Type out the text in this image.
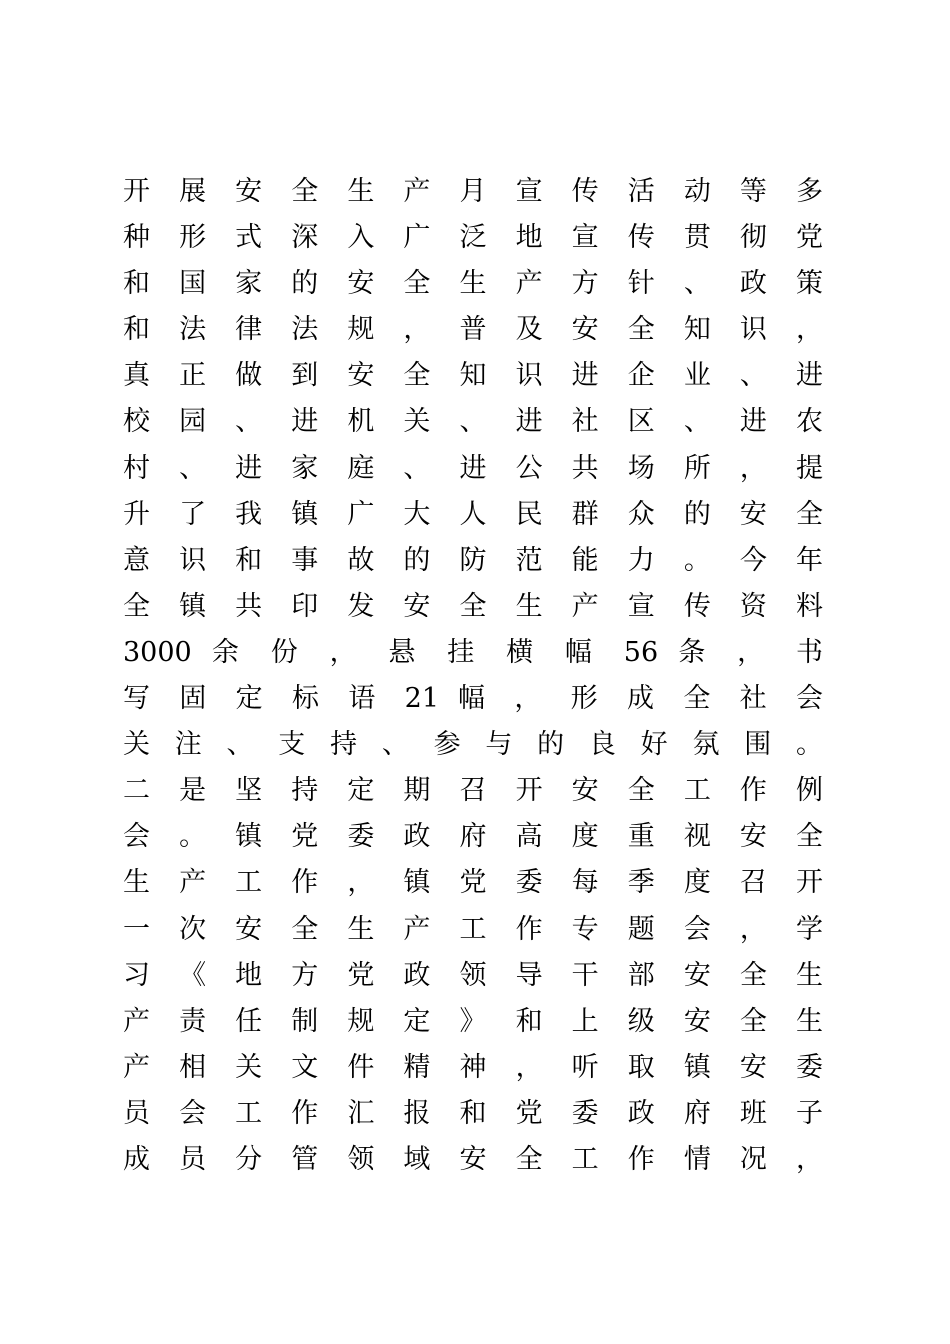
开 展 安 全 生 产 月 宣 传 活 动 等 多
种 形 式 深 入 广 泛 地 宣 传 贯 彻 党
和 国 家 的 安 全 生 产 方 针 、 政 策
和 法 律 法 规 ， 普 及 安 全 知 识 ，
真 正 做 到 安 全 知 识 进 企 业 、 进
校 园 、 进 机 关 、 进 社 区 、 进 农
村 、 进 家 庭 、 进 公 共 场 所 ， 提
升 了 我 镇 广 大 人 民 群 众 的 安 全
意 识 和 事 故 的 防 范 能 力 。 今 年
全 镇 共 印 发 安 全 生 产 宣 传 资 料
3000 余 份 ， 悬 挂 横 幅 56 条 ， 书
写 固 定 标 语 21 幅 ， 形 成 全 社 会
关 注 、 支 持 、 参 与 的 良 好 氛 围 。
二 是 坚 持 定 期 召 开 安 全 工 作 例
会 。 镇 党 委 政 府 高 度 重 视 安 全
生 产 工 作 ， 镇 党 委 每 季 度 召 开
一 次 安 全 生 产 工 作 专 题 会 ， 学
习 《 地 方 党 政 领 导 干 部 安 全 生
产 责 任 制 规 定 》 和 上 级 安 全 生
产 相 关 文 件 精 神 ， 听 取 镇 安 委
员 会 工 作 汇 报 和 党 委 政 府 班 子
成 员 分 管 领 域 安 全 工 作 情 况 ，
